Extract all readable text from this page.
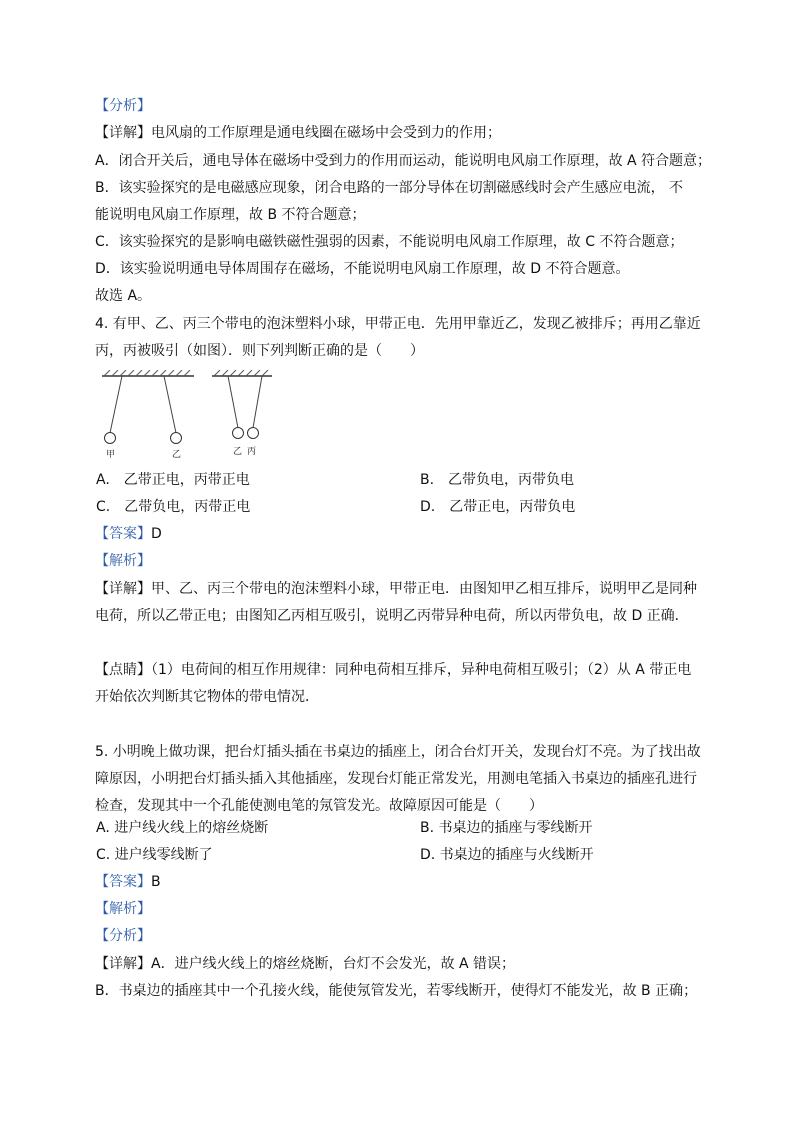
【分析】
【详解】电风扇的工作原理是通电线圈在磁场中会受到力的作用；
A．闭合开关后，通电导体在磁场中受到力的作用而运动，能说明电风扇工作原理，故 A 符合题意；
B．该实验探究的是电磁感应现象，闭合电路的一部分导体在切割磁感线时会产生感应电流， 不
能说明电风扇工作原理，故 B 不符合题意；
C．该实验探究的是影响电磁铁磁性强弱的因素，不能说明电风扇工作原理，故 C 不符合题意；
D．该实验说明通电导体周围存在磁场，不能说明电风扇工作原理，故 D 不符合题意。
故选 A。
4. 有甲、乙、丙三个带电的泡沫塑料小球，甲带正电．先用甲靠近乙，发现乙被排斥；再用乙靠近
丙，丙被吸引（如图）．则下列判断正确的是（　　）
甲	乙	乙 丙
A.　乙带正电，丙带正电	B.　乙带负电，丙带负电
C.　乙带负电，丙带正电	D.　乙带正电，丙带负电
【答案】D
【解析】
【详解】甲、乙、丙三个带电的泡沫塑料小球，甲带正电．由图知甲乙相互排斥，说明甲乙是同种
电荷，所以乙带正电；由图知乙丙相互吸引，说明乙丙带异种电荷，所以丙带负电，故 D 正确．
【点睛】（1）电荷间的相互作用规律：同种电荷相互排斥，异种电荷相互吸引；（2）从 A 带正电
开始依次判断其它物体的带电情况．
5. 小明晚上做功课，把台灯插头插在书桌边的插座上，闭合台灯开关，发现台灯不亮。为了找出故
障原因，小明把台灯插头插入其他插座，发现台灯能正常发光，用测电笔插入书桌边的插座孔进行
检查，发现其中一个孔能使测电笔的氖管发光。故障原因可能是（　　）
A. 进户线火线上的熔丝烧断	B. 书桌边的插座与零线断开
C. 进户线零线断了	D. 书桌边的插座与火线断开
【答案】B
【解析】
【分析】
【详解】A．进户线火线上的熔丝烧断，台灯不会发光，故 A 错误；
B．书桌边的插座其中一个孔接火线，能使氖管发光，若零线断开，使得灯不能发光，故 B 正确；
